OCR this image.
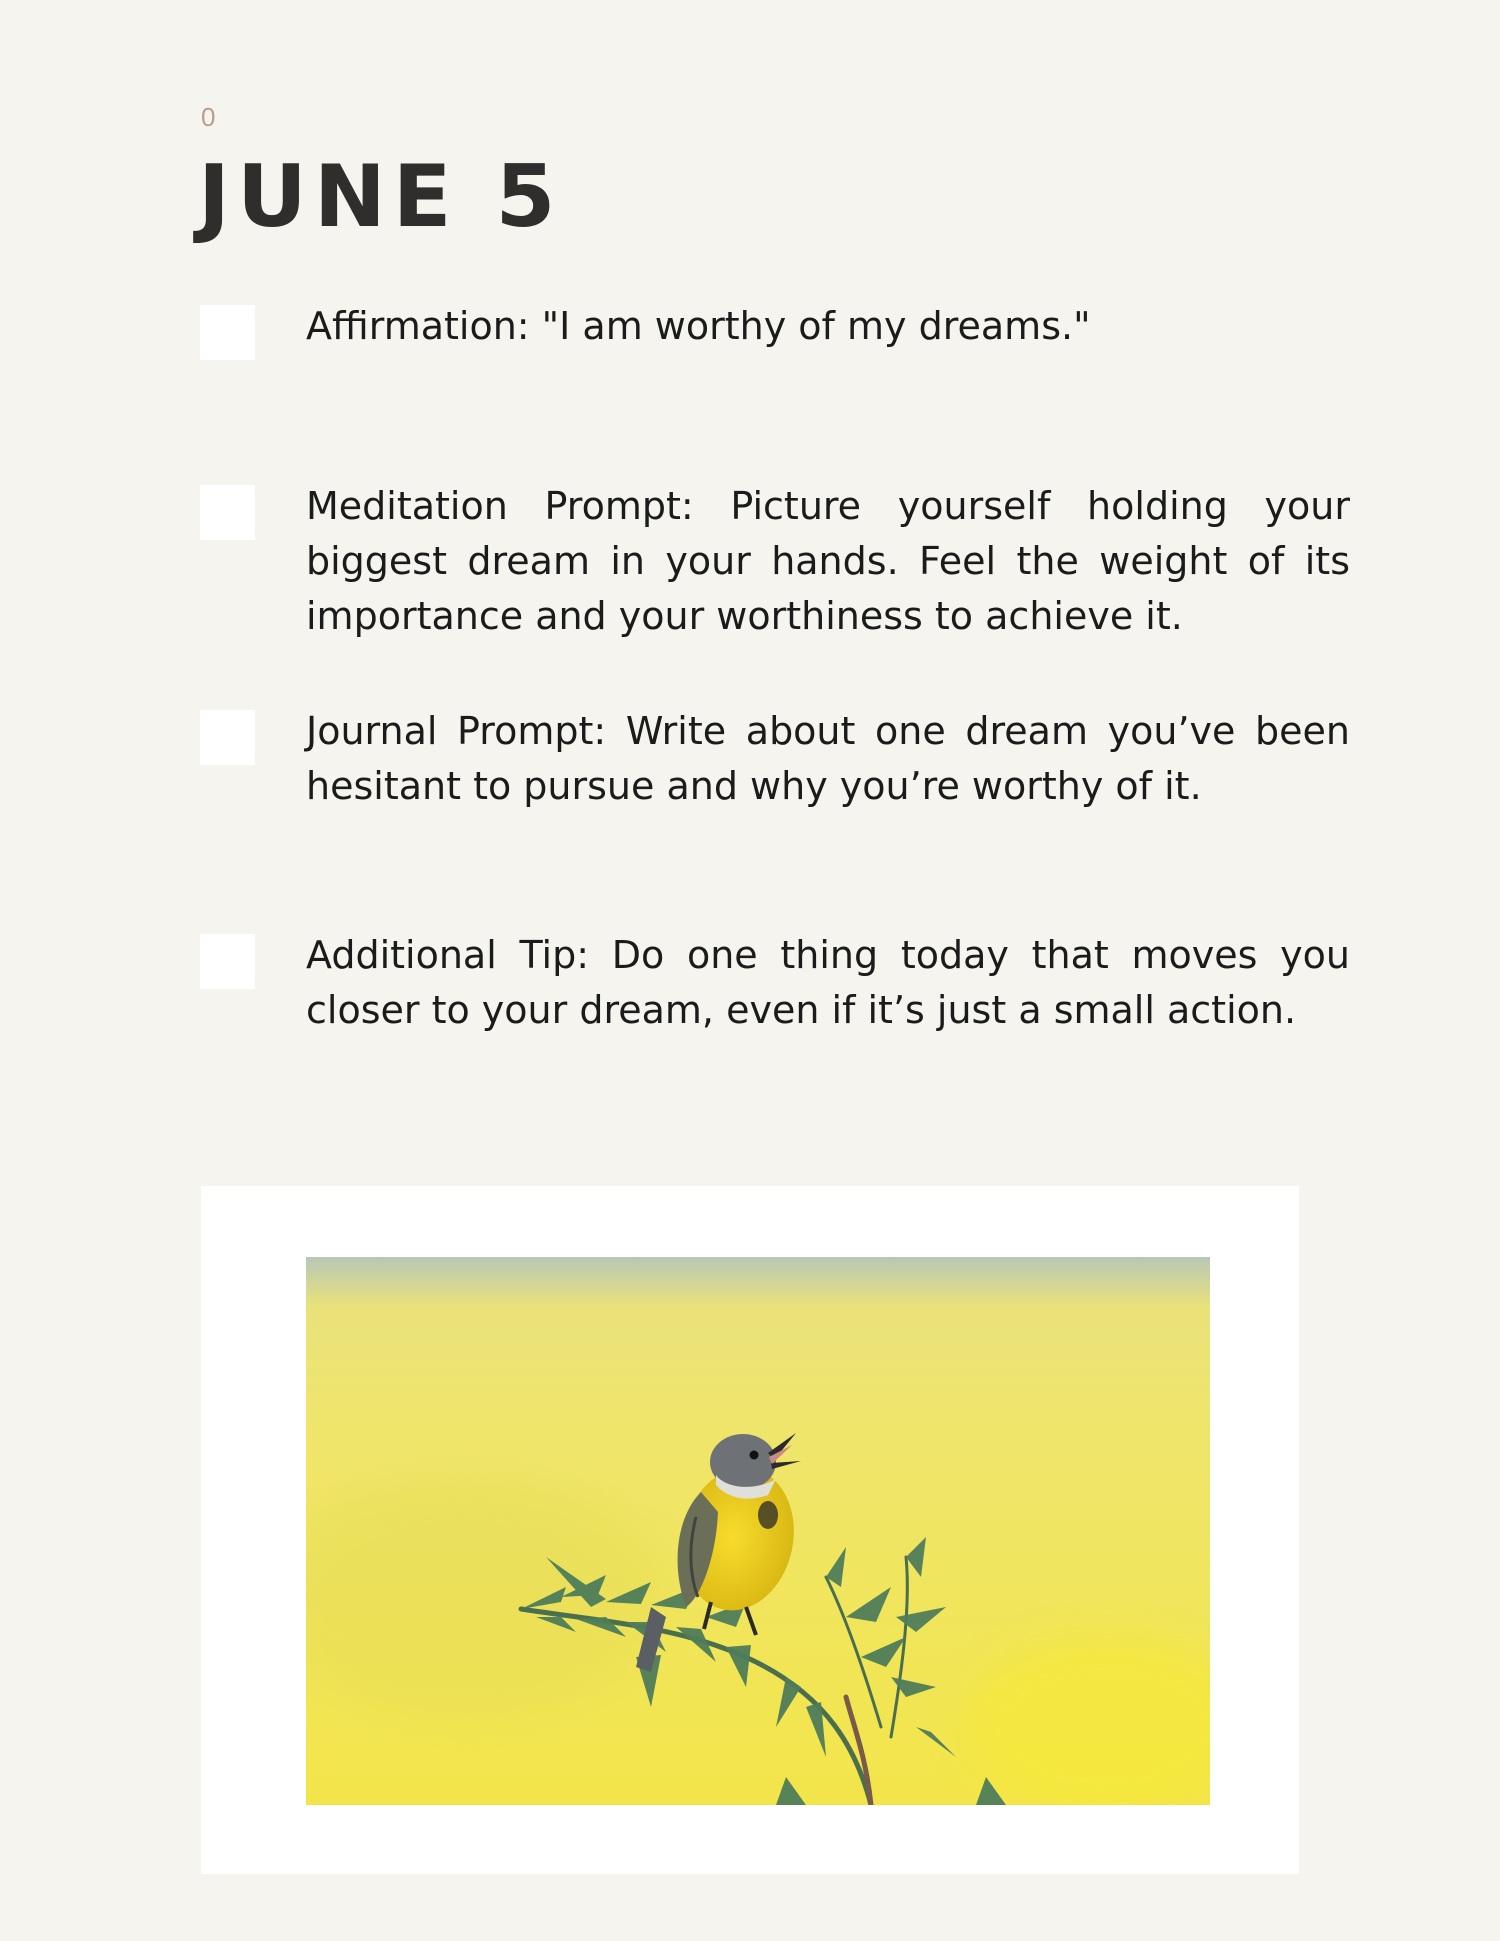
0
JUNE 5

Affirmation: "I am worthy of my dreams."

Meditation Prompt: Picture yourself holding your biggest dream in your hands. Feel the weight of its importance and your worthiness to achieve it.

Journal Prompt: Write about one dream you’ve been hesitant to pursue and why you’re worthy of it.

Additional Tip: Do one thing today that moves you closer to your dream, even if it’s just a small action.
